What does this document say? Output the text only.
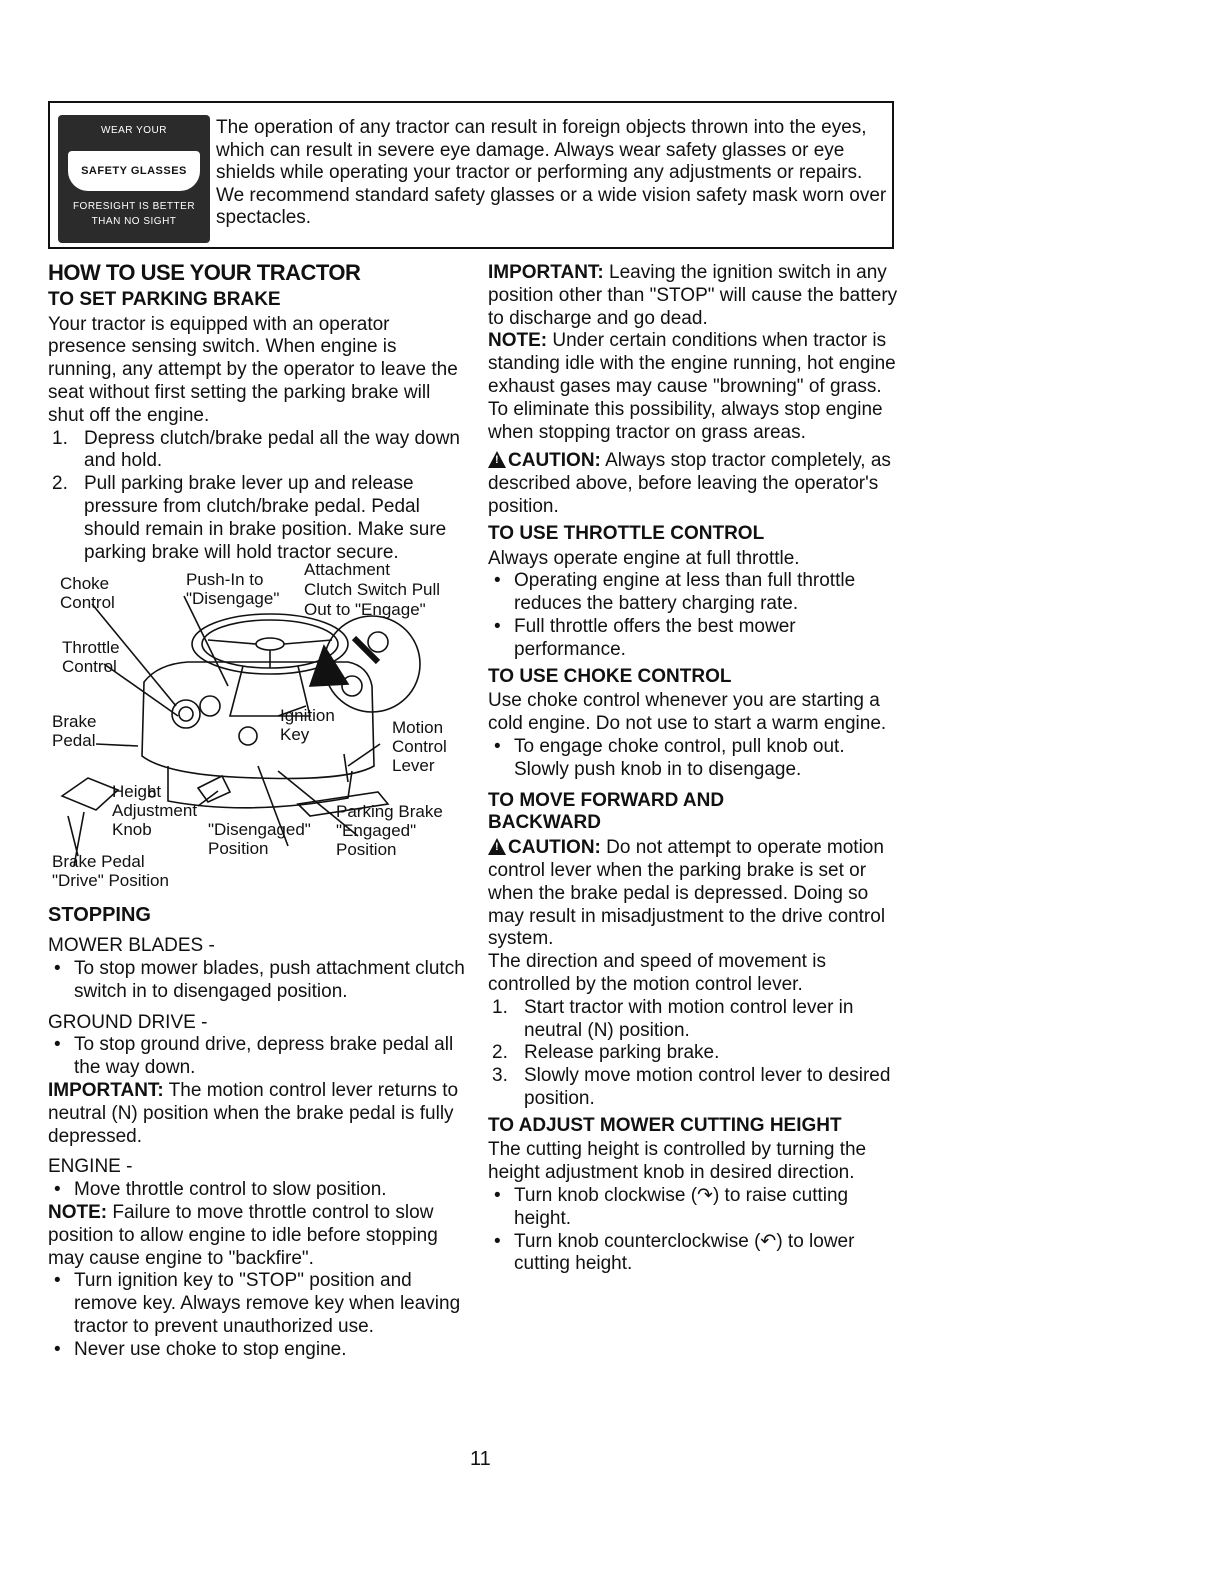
WEAR YOUR
SAFETY GLASSES
FORESIGHT IS BETTER
THAN NO SIGHT

The operation of any tractor can result in foreign objects thrown into the eyes, which can result in severe eye damage. Always wear safety glasses or eye shields while operating your tractor or performing any adjustments or repairs. We recommend standard safety glasses or a wide vision safety mask worn over spectacles.

HOW TO USE YOUR TRACTOR

TO SET PARKING BRAKE

Your tractor is equipped with an operator presence sensing switch. When engine is running, any attempt by the operator to leave the seat without first setting the parking brake will shut off the engine.

1. Depress clutch/brake pedal all the way down and hold.
2. Pull parking brake lever up and release pressure from clutch/brake pedal. Pedal should remain in brake position. Make sure parking brake will hold tractor secure.
Choke
Control
Push-In to
"Disengage"
Attachment
Clutch Switch Pull
Out to "Engage"
Throttle
Control
Brake
Pedal
Ignition
Key	Motion
Control
Lever
Height
Adjustment
Knob	"Disengaged"
Position
Parking Brake
"Engaged"
Position
Brake Pedal
"Drive" Position

STOPPING

MOWER BLADES -

• To stop mower blades, push attachment clutch switch in to disengaged position.

GROUND DRIVE -

• To stop ground drive, depress brake pedal all the way down.

IMPORTANT: The motion control lever returns to neutral (N) position when the brake pedal is fully depressed.

ENGINE -

• Move throttle control to slow position.

NOTE: Failure to move throttle control to slow position to allow engine to idle before stopping may cause engine to "backfire".

• Turn ignition key to "STOP" position and remove key. Always remove key when leaving tractor to prevent unauthorized use.
• Never use choke to stop engine.

IMPORTANT: Leaving the ignition switch in any position other than "STOP" will cause the battery to discharge and go dead.

NOTE: Under certain conditions when tractor is standing idle with the engine running, hot engine exhaust gases may cause "browning" of grass. To eliminate this possibility, always stop engine when stopping tractor on grass areas.

! CAUTION: Always stop tractor completely, as described above, before leaving the operator's position.

TO USE THROTTLE CONTROL

Always operate engine at full throttle.

• Operating engine at less than full throttle reduces the battery charging rate.
• Full throttle offers the best mower performance.

TO USE CHOKE CONTROL

Use choke control whenever you are starting a cold engine. Do not use to start a warm engine.

• To engage choke control, pull knob out. Slowly push knob in to disengage.

TO MOVE FORWARD AND
BACKWARD

! CAUTION: Do not attempt to operate motion control lever when the parking brake is set or when the brake pedal is depressed. Doing so may result in misadjustment to the drive control system.

The direction and speed of movement is controlled by the motion control lever.

1. Start tractor with motion control lever in neutral (N) position.
2. Release parking brake.
3. Slowly move motion control lever to desired position.

TO ADJUST MOWER CUTTING HEIGHT

The cutting height is controlled by turning the height adjustment knob in desired direction.

• Turn knob clockwise (↷) to raise cutting height.
• Turn knob counterclockwise (↶) to lower cutting height.
11
